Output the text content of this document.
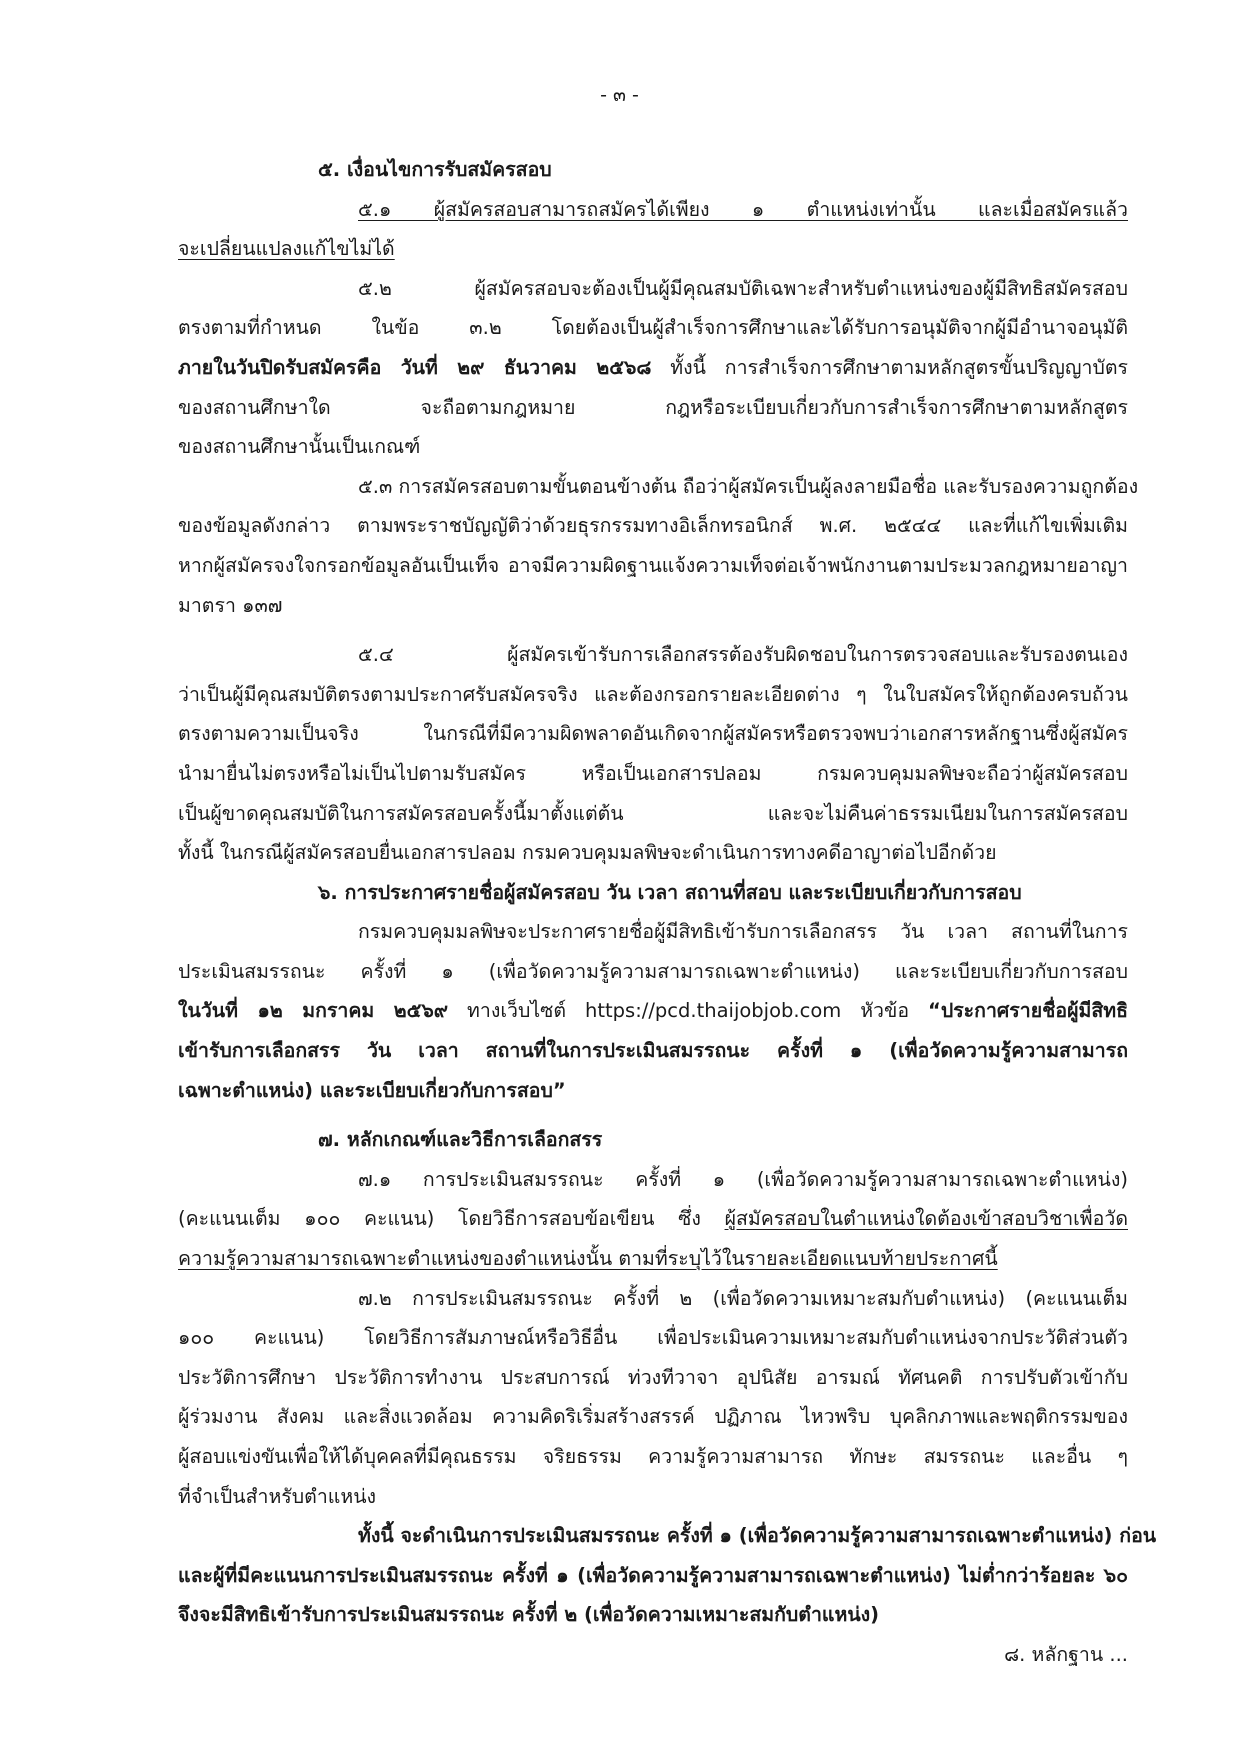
- ๓ -
๕. เงื่อนไขการรับสมัครสอบ
๕.๑ ผู้สมัครสอบสามารถสมัครได้เพียง ๑ ตำแหน่งเท่านั้น และเมื่อสมัครแล้ว
จะเปลี่ยนแปลงแก้ไขไม่ได้
๕.๒ ผู้สมัครสอบจะต้องเป็นผู้มีคุณสมบัติเฉพาะสำหรับตำแหน่งของผู้มีสิทธิสมัครสอบ
ตรงตามที่กำหนด ในข้อ ๓.๒ โดยต้องเป็นผู้สำเร็จการศึกษาและได้รับการอนุมัติจากผู้มีอำนาจอนุมัติ
ภายในวันปิดรับสมัครคือ วันที่ ๒๙ ธันวาคม ๒๕๖๘ ทั้งนี้ การสำเร็จการศึกษาตามหลักสูตรขั้นปริญญาบัตร
ของสถานศึกษาใด จะถือตามกฎหมาย กฎหรือระเบียบเกี่ยวกับการสำเร็จการศึกษาตามหลักสูตร
ของสถานศึกษานั้นเป็นเกณฑ์
๕.๓ การสมัครสอบตามขั้นตอนข้างต้น ถือว่าผู้สมัครเป็นผู้ลงลายมือชื่อ และรับรองความถูกต้อง
ของข้อมูลดังกล่าว ตามพระราชบัญญัติว่าด้วยธุรกรรมทางอิเล็กทรอนิกส์ พ.ศ. ๒๕๔๔ และที่แก้ไขเพิ่มเติม
หากผู้สมัครจงใจกรอกข้อมูลอันเป็นเท็จ อาจมีความผิดฐานแจ้งความเท็จต่อเจ้าพนักงานตามประมวลกฎหมายอาญา
มาตรา ๑๓๗
๕.๔ ผู้สมัครเข้ารับการเลือกสรรต้องรับผิดชอบในการตรวจสอบและรับรองตนเอง
ว่าเป็นผู้มีคุณสมบัติตรงตามประกาศรับสมัครจริง และต้องกรอกรายละเอียดต่าง ๆ ในใบสมัครให้ถูกต้องครบถ้วน
ตรงตามความเป็นจริง ในกรณีที่มีความผิดพลาดอันเกิดจากผู้สมัครหรือตรวจพบว่าเอกสารหลักฐานซึ่งผู้สมัคร
นำมายื่นไม่ตรงหรือไม่เป็นไปตามรับสมัคร หรือเป็นเอกสารปลอม กรมควบคุมมลพิษจะถือว่าผู้สมัครสอบ
เป็นผู้ขาดคุณสมบัติในการสมัครสอบครั้งนี้มาตั้งแต่ต้น และจะไม่คืนค่าธรรมเนียมในการสมัครสอบ
ทั้งนี้ ในกรณีผู้สมัครสอบยื่นเอกสารปลอม กรมควบคุมมลพิษจะดำเนินการทางคดีอาญาต่อไปอีกด้วย
๖. การประกาศรายชื่อผู้สมัครสอบ วัน เวลา สถานที่สอบ และระเบียบเกี่ยวกับการสอบ
กรมควบคุมมลพิษจะประกาศรายชื่อผู้มีสิทธิเข้ารับการเลือกสรร วัน เวลา สถานที่ในการ
ประเมินสมรรถนะ ครั้งที่ ๑ (เพื่อวัดความรู้ความสามารถเฉพาะตำแหน่ง) และระเบียบเกี่ยวกับการสอบ
ในวันที่ ๑๒ มกราคม ๒๕๖๙ ทางเว็บไซต์ https://pcd.thaijobjob.com หัวข้อ “ประกาศรายชื่อผู้มีสิทธิ
เข้ารับการเลือกสรร วัน เวลา สถานที่ในการประเมินสมรรถนะ ครั้งที่ ๑ (เพื่อวัดความรู้ความสามารถ
เฉพาะตำแหน่ง) และระเบียบเกี่ยวกับการสอบ”
๗. หลักเกณฑ์และวิธีการเลือกสรร
๗.๑ การประเมินสมรรถนะ ครั้งที่ ๑ (เพื่อวัดความรู้ความสามารถเฉพาะตำแหน่ง)
(คะแนนเต็ม ๑๐๐ คะแนน) โดยวิธีการสอบข้อเขียน ซึ่ง ผู้สมัครสอบในตำแหน่งใดต้องเข้าสอบวิชาเพื่อวัด
ความรู้ความสามารถเฉพาะตำแหน่งของตำแหน่งนั้น ตามที่ระบุไว้ในรายละเอียดแนบท้ายประกาศนี้
๗.๒ การประเมินสมรรถนะ ครั้งที่ ๒ (เพื่อวัดความเหมาะสมกับตำแหน่ง) (คะแนนเต็ม
๑๐๐ คะแนน) โดยวิธีการสัมภาษณ์หรือวิธีอื่น เพื่อประเมินความเหมาะสมกับตำแหน่งจากประวัติส่วนตัว
ประวัติการศึกษา ประวัติการทำงาน ประสบการณ์ ท่วงทีวาจา อุปนิสัย อารมณ์ ทัศนคติ การปรับตัวเข้ากับ
ผู้ร่วมงาน สังคม และสิ่งแวดล้อม ความคิดริเริ่มสร้างสรรค์ ปฏิภาณ ไหวพริบ บุคลิกภาพและพฤติกรรมของ
ผู้สอบแข่งขันเพื่อให้ได้บุคคลที่มีคุณธรรม จริยธรรม ความรู้ความสามารถ ทักษะ สมรรถนะ และอื่น ๆ
ที่จำเป็นสำหรับตำแหน่ง
ทั้งนี้ จะดำเนินการประเมินสมรรถนะ ครั้งที่ ๑ (เพื่อวัดความรู้ความสามารถเฉพาะตำแหน่ง) ก่อน
และผู้ที่มีคะแนนการประเมินสมรรถนะ ครั้งที่ ๑ (เพื่อวัดความรู้ความสามารถเฉพาะตำแหน่ง) ไม่ต่ำกว่าร้อยละ ๖๐
จึงจะมีสิทธิเข้ารับการประเมินสมรรถนะ ครั้งที่ ๒ (เพื่อวัดความเหมาะสมกับตำแหน่ง)
๘. หลักฐาน ...
